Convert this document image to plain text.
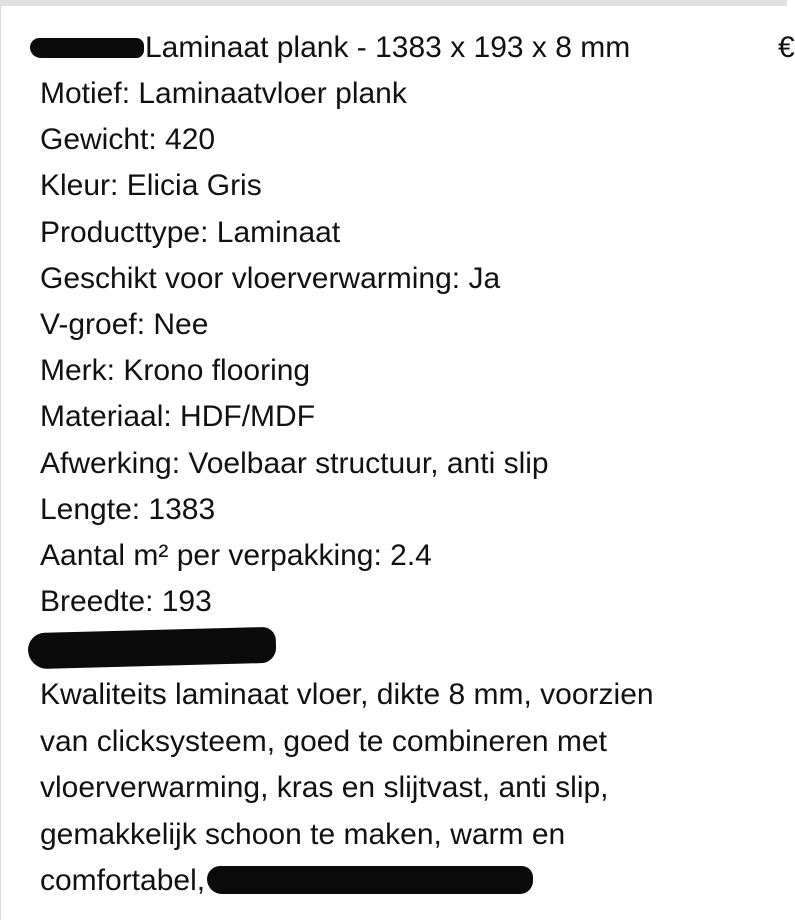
Laminaat plank - 1383 x 193 x 8 mm	€
Motief: Laminaatvloer plank
Gewicht: 420
Kleur: Elicia Gris
Producttype: Laminaat
Geschikt voor vloerverwarming: Ja
V-groef: Nee
Merk: Krono flooring
Materiaal: HDF/MDF
Afwerking: Voelbaar structuur, anti slip
Lengte: 1383
Aantal m² per verpakking: 2.4
Breedte: 193
Kwaliteits laminaat vloer, dikte 8 mm, voorzien
van clicksysteem, goed te combineren met
vloerverwarming, kras en slijtvast, anti slip,
gemakkelijk schoon te maken, warm en
comfortabel,
